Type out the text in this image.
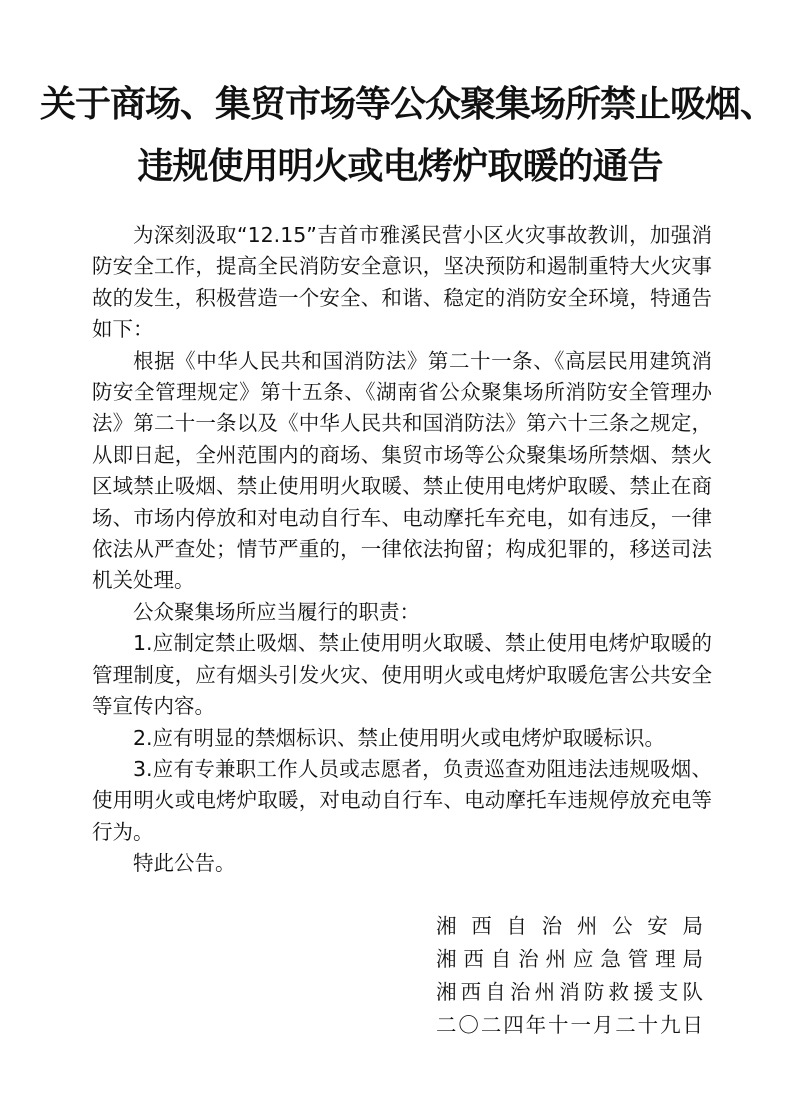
关于商场、集贸市场等公众聚集场所禁止吸烟、
违规使用明火或电烤炉取暖的通告

为深刻汲取“12.15”吉首市雅溪民营小区火灾事故教训，加强消防安全工作，提高全民消防安全意识，坚决预防和遏制重特大火灾事故的发生，积极营造一个安全、和谐、稳定的消防安全环境，特通告如下：

根据《中华人民共和国消防法》第二十一条、《高层民用建筑消防安全管理规定》第十五条、《湖南省公众聚集场所消防安全管理办法》第二十一条以及《中华人民共和国消防法》第六十三条之规定，从即日起，全州范围内的商场、集贸市场等公众聚集场所禁烟、禁火区域禁止吸烟、禁止使用明火取暖、禁止使用电烤炉取暖、禁止在商场、市场内停放和对电动自行车、电动摩托车充电，如有违反，一律依法从严查处；情节严重的，一律依法拘留；构成犯罪的，移送司法机关处理。

公众聚集场所应当履行的职责：

1.应制定禁止吸烟、禁止使用明火取暖、禁止使用电烤炉取暖的管理制度，应有烟头引发火灾、使用明火或电烤炉取暖危害公共安全等宣传内容。

2.应有明显的禁烟标识、禁止使用明火或电烤炉取暖标识。

3.应有专兼职工作人员或志愿者，负责巡查劝阻违法违规吸烟、使用明火或电烤炉取暖，对电动自行车、电动摩托车违规停放充电等行为。

特此公告。

湘西自治州公安局
湘西自治州应急管理局
湘西自治州消防救援支队
二〇二四年十一月二十九日
